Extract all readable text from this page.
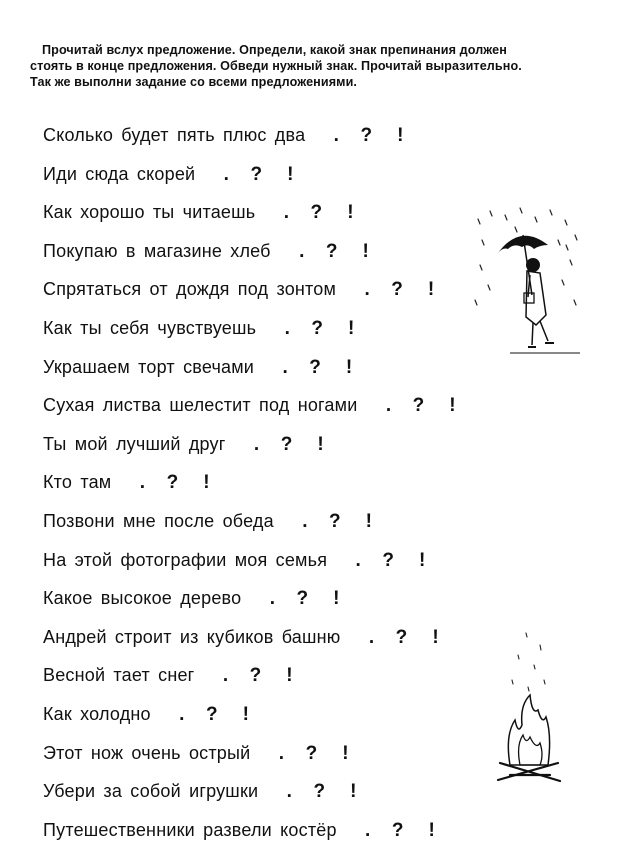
Прочитай вслух предложение. Определи, какой знак препинания должен
стоять в конце предложения. Обведи нужный знак. Прочитай выразительно.
Так же выполни задание со всеми предложениями.
Сколько будет пять плюс два	.	?	!
Иди сюда скорей	.	?	!
Как хорошо ты читаешь	.	?	!
Покупаю в магазине хлеб	.	?	!
Спрятаться от дождя под зонтом	.	?	!
Как ты себя чувствуешь	.	?	!
Украшаем торт свечами	.	?	!
Сухая листва шелестит под ногами	.	?	!
Ты мой лучший друг	.	?	!
Кто там	.	?	!
Позвони мне после обеда	.	?	!
На этой фотографии моя семья	.	?	!
Какое высокое дерево	.	?	!
Андрей строит из кубиков башню	.	?	!
Весной тает снег	.	?	!
Как холодно	.	?	!
Этот нож очень острый	.	?	!
Убери за собой игрушки	.	?	!
Путешественники развели костёр	.	?	!
